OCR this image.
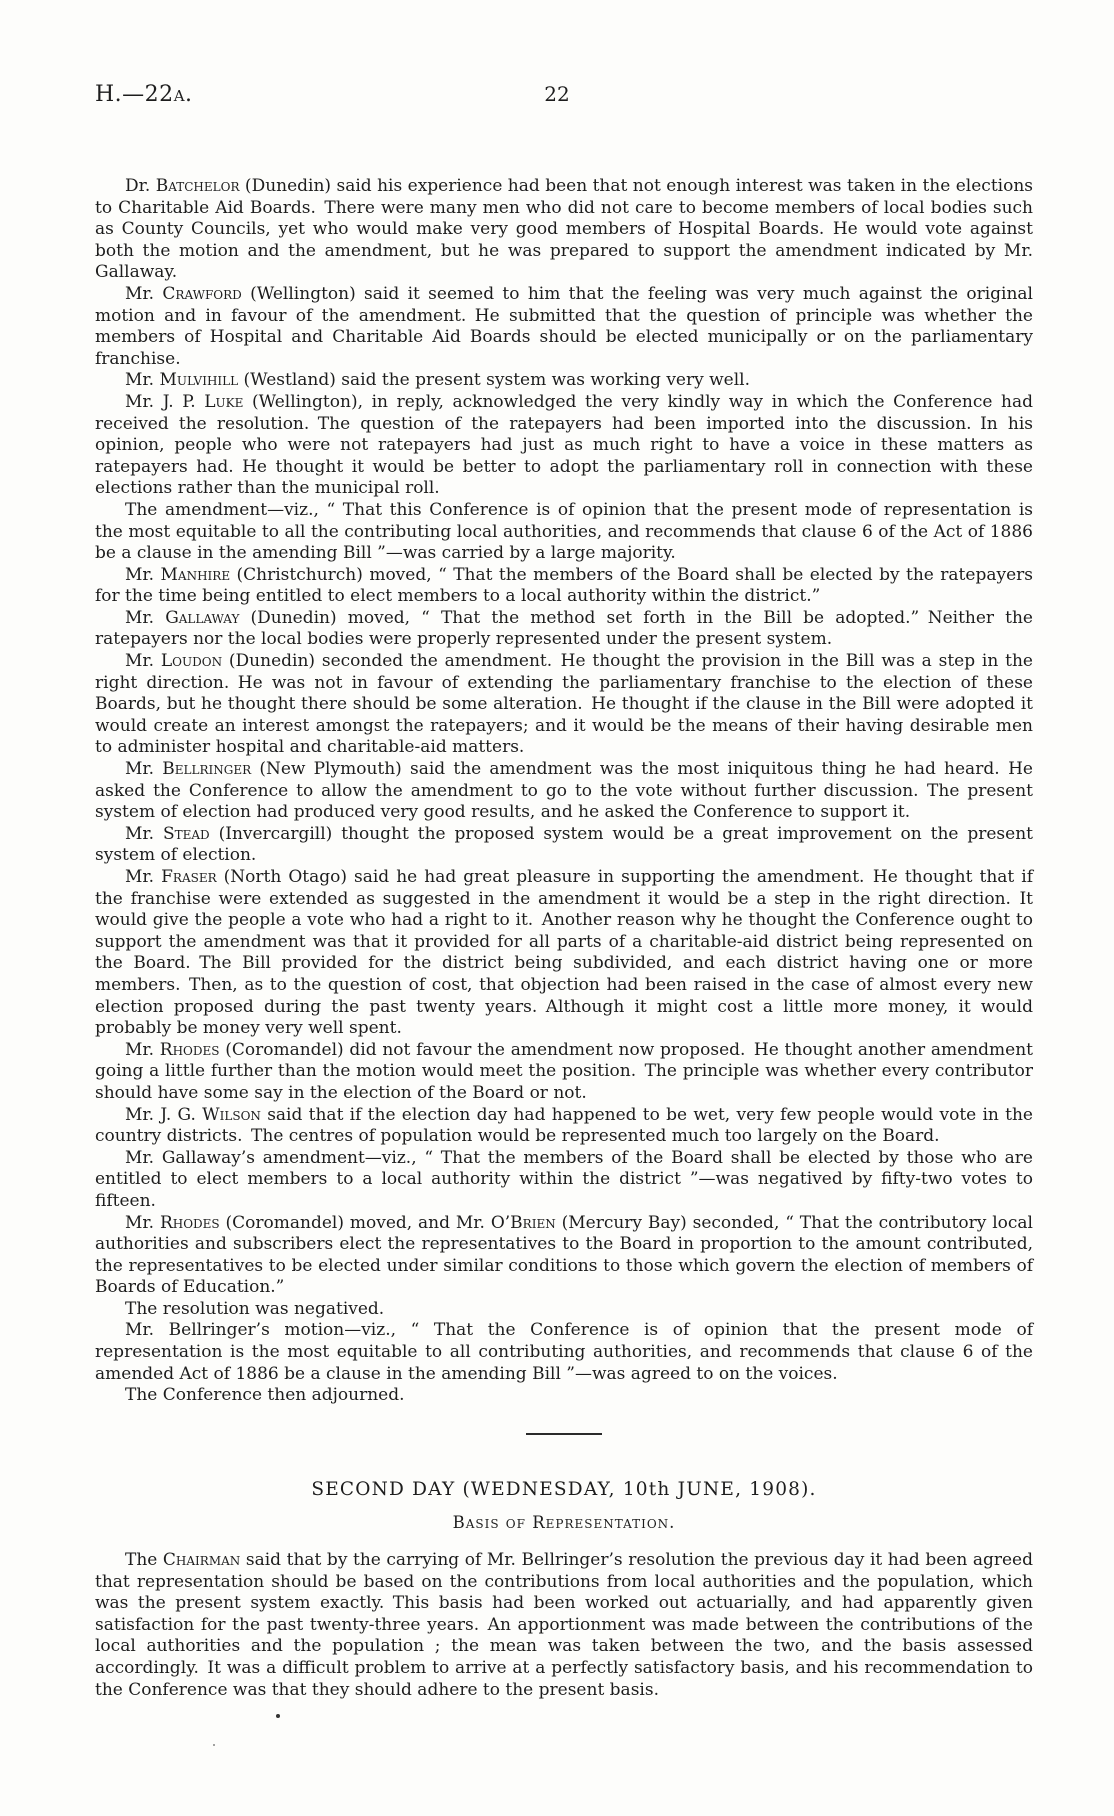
H.—22a.	22

Dr. Batchelor (Dunedin) said his experience had been that not enough interest was taken in the elections to Charitable Aid Boards. There were many men who did not care to become members of local bodies such as County Councils, yet who would make very good members of Hospital Boards. He would vote against both the motion and the amendment, but he was prepared to support the amendment indicated by Mr. Gallaway.

Mr. Crawford (Wellington) said it seemed to him that the feeling was very much against the original motion and in favour of the amendment. He submitted that the question of principle was whether the members of Hospital and Charitable Aid Boards should be elected municipally or on the parliamentary franchise.

Mr. Mulvihill (Westland) said the present system was working very well.

Mr. J. P. Luke (Wellington), in reply, acknowledged the very kindly way in which the Conference had received the resolution. The question of the ratepayers had been imported into the discussion. In his opinion, people who were not ratepayers had just as much right to have a voice in these matters as ratepayers had. He thought it would be better to adopt the parliamentary roll in connection with these elections rather than the municipal roll.

The amendment—viz., “ That this Conference is of opinion that the present mode of representation is the most equitable to all the contributing local authorities, and recommends that clause 6 of the Act of 1886 be a clause in the amending Bill ”—was carried by a large majority.

Mr. Manhire (Christchurch) moved, “ That the members of the Board shall be elected by the ratepayers for the time being entitled to elect members to a local authority within the district.”

Mr. Gallaway (Dunedin) moved, “ That the method set forth in the Bill be adopted.” Neither the ratepayers nor the local bodies were properly represented under the present system.

Mr. Loudon (Dunedin) seconded the amendment. He thought the provision in the Bill was a step in the right direction. He was not in favour of extending the parliamentary franchise to the election of these Boards, but he thought there should be some alteration. He thought if the clause in the Bill were adopted it would create an interest amongst the ratepayers; and it would be the means of their having desirable men to administer hospital and charitable-aid matters.

Mr. Bellringer (New Plymouth) said the amendment was the most iniquitous thing he had heard. He asked the Conference to allow the amendment to go to the vote without further discussion. The present system of election had produced very good results, and he asked the Conference to support it.

Mr. Stead (Invercargill) thought the proposed system would be a great improvement on the present system of election.

Mr. Fraser (North Otago) said he had great pleasure in supporting the amendment. He thought that if the franchise were extended as suggested in the amendment it would be a step in the right direction. It would give the people a vote who had a right to it. Another reason why he thought the Conference ought to support the amendment was that it provided for all parts of a charitable-aid district being represented on the Board. The Bill provided for the district being subdivided, and each district having one or more members. Then, as to the question of cost, that objection had been raised in the case of almost every new election proposed during the past twenty years. Although it might cost a little more money, it would probably be money very well spent.

Mr. Rhodes (Coromandel) did not favour the amendment now proposed. He thought another amendment going a little further than the motion would meet the position. The principle was whether every contributor should have some say in the election of the Board or not.

Mr. J. G. Wilson said that if the election day had happened to be wet, very few people would vote in the country districts. The centres of population would be represented much too largely on the Board.

Mr. Gallaway’s amendment—viz., “ That the members of the Board shall be elected by those who are entitled to elect members to a local authority within the district ”—was negatived by fifty-two votes to fifteen.

Mr. Rhodes (Coromandel) moved, and Mr. O’Brien (Mercury Bay) seconded, “ That the contributory local authorities and subscribers elect the representatives to the Board in proportion to the amount contributed, the representatives to be elected under similar conditions to those which govern the election of members of Boards of Education.”

The resolution was negatived.

Mr. Bellringer’s motion—viz., “ That the Conference is of opinion that the present mode of representation is the most equitable to all contributing authorities, and recommends that clause 6 of the amended Act of 1886 be a clause in the amending Bill ”—was agreed to on the voices.

The Conference then adjourned.

SECOND DAY (WEDNESDAY, 10th JUNE, 1908).
Basis of Representation.

The Chairman said that by the carrying of Mr. Bellringer’s resolution the previous day it had been agreed that representation should be based on the contributions from local authorities and the population, which was the present system exactly. This basis had been worked out actuarially, and had apparently given satisfaction for the past twenty-three years. An apportionment was made between the contributions of the local authorities and the population ; the mean was taken between the two, and the basis assessed accordingly. It was a difficult problem to arrive at a perfectly satisfactory basis, and his recommendation to the Conference was that they should adhere to the present basis.
